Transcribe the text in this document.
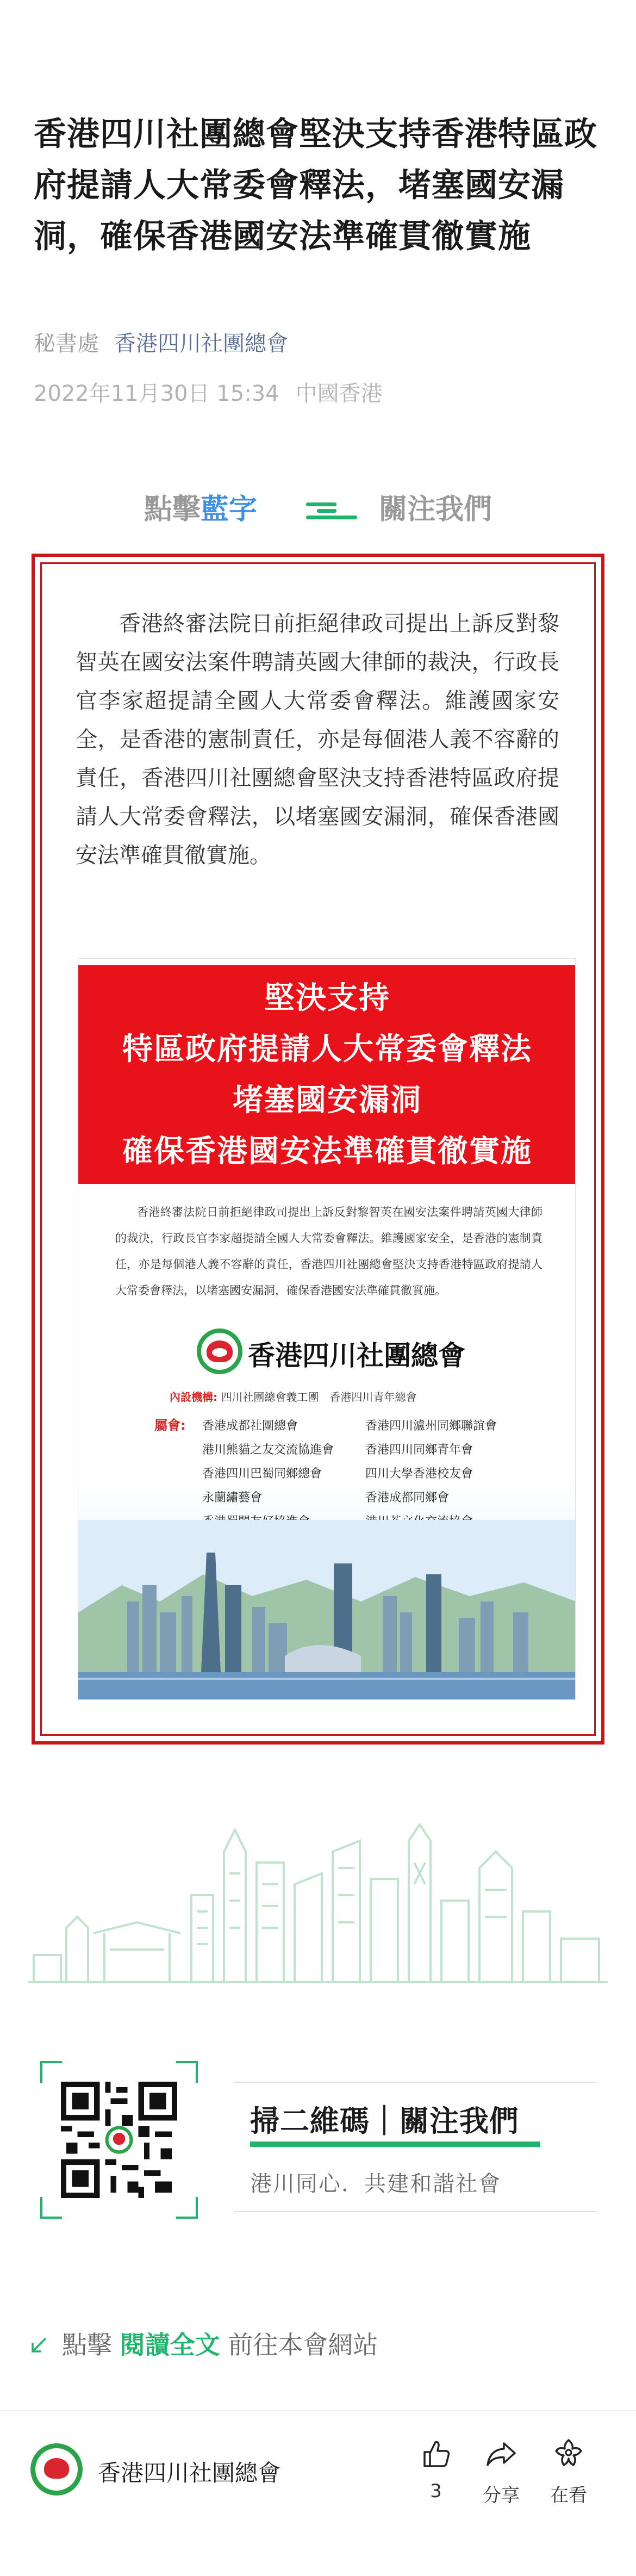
香港四川社團總會堅決支持香港特區政府提請人大常委會釋法，堵塞國安漏洞，確保香港國安法準確貫徹實施
秘書處 香港四川社團總會
2022年11月30日 15:34 中國香港
點擊藍字	關注我們

香港終審法院日前拒絕律政司提出上訴反對黎智英在國安法案件聘請英國大律師的裁決，行政長官李家超提請全國人大常委會釋法。維護國家安全，是香港的憲制責任，亦是每個港人義不容辭的責任，香港四川社團總會堅決支持香港特區政府提請人大常委會釋法，以堵塞國安漏洞，確保香港國安法準確貫徹實施。

堅決支持
特區政府提請人大常委會釋法
堵塞國安漏洞
確保香港國安法準確貫徹實施

香港終審法院日前拒絕律政司提出上訴反對黎智英在國安法案件聘請英國大律師的裁決，行政長官李家超提請全國人大常委會釋法。維護國家安全，是香港的憲制責任，亦是每個港人義不容辭的責任，香港四川社團總會堅決支持香港特區政府提請人大常委會釋法，以堵塞國安漏洞，確保香港國安法準確貫徹實施。

香港四川社團總會
內設機構: 四川社團總會義工團　香港四川青年總會
屬會: 香港成都社團總會	香港四川瀘州同鄉聯誼會
港川熊貓之友交流協進會	香港四川同鄉青年會
香港四川巴蜀同鄉總會	四川大學香港校友會
永蘭繡藝會	香港成都同鄉會
掃二維碼｜關注我們
港川同心．共建和諧社會
點擊 閱讀全文 前往本會網站
香港四川社團總會
3	分享	在看
